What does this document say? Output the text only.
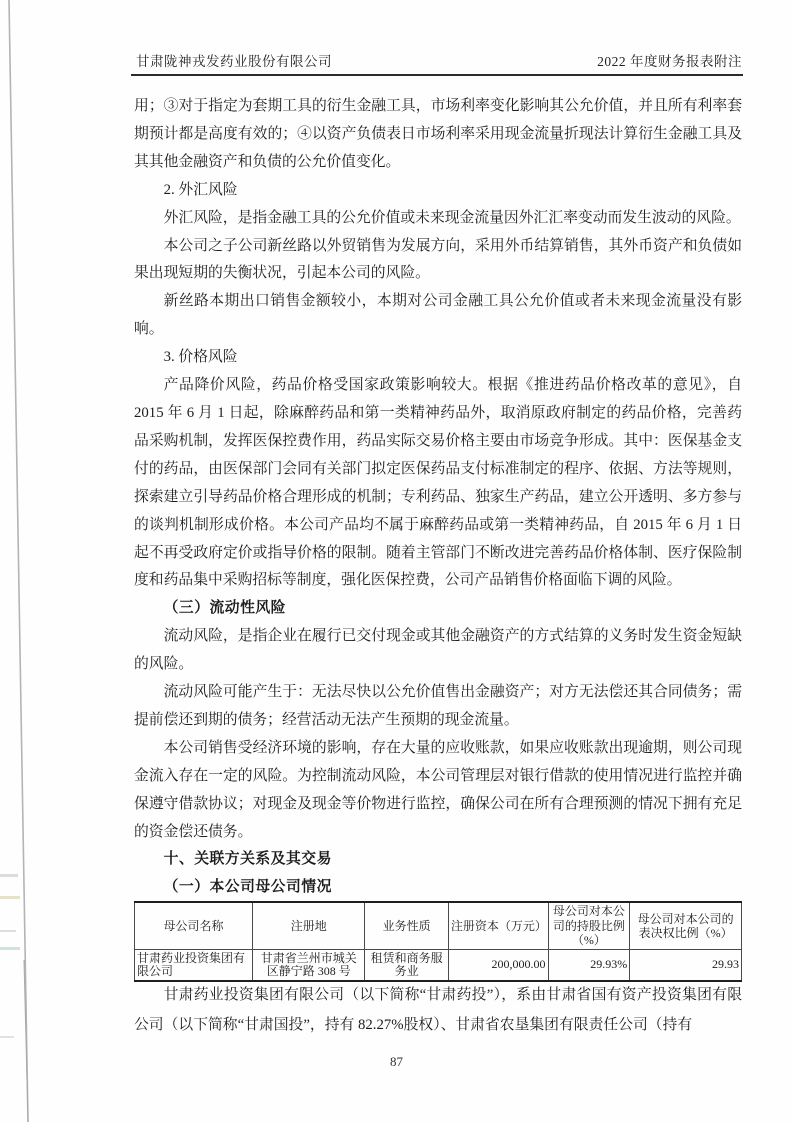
甘肃陇神戎发药业股份有限公司	2022 年度财务报表附注

用；③对于指定为套期工具的衍生金融工具，市场利率变化影响其公允价值，并且所有利率套期预计都是高度有效的；④以资产负债表日市场利率采用现金流量折现法计算衍生金融工具及其其他金融资产和负债的公允价值变化。

2. 外汇风险

外汇风险，是指金融工具的公允价值或未来现金流量因外汇汇率变动而发生波动的风险。

本公司之子公司新丝路以外贸销售为发展方向，采用外币结算销售，其外币资产和负债如果出现短期的失衡状况，引起本公司的风险。

新丝路本期出口销售金额较小，本期对公司金融工具公允价值或者未来现金流量没有影响。

3. 价格风险

产品降价风险，药品价格受国家政策影响较大。根据《推进药品价格改革的意见》，自 2015 年 6 月 1 日起，除麻醉药品和第一类精神药品外，取消原政府制定的药品价格，完善药品采购机制，发挥医保控费作用，药品实际交易价格主要由市场竞争形成。其中：医保基金支付的药品，由医保部门会同有关部门拟定医保药品支付标准制定的程序、依据、方法等规则，探索建立引导药品价格合理形成的机制；专利药品、独家生产药品，建立公开透明、多方参与的谈判机制形成价格。本公司产品均不属于麻醉药品或第一类精神药品，自 2015 年 6 月 1 日起不再受政府定价或指导价格的限制。随着主管部门不断改进完善药品价格体制、医疗保险制度和药品集中采购招标等制度，强化医保控费，公司产品销售价格面临下调的风险。

（三）流动性风险

流动风险，是指企业在履行已交付现金或其他金融资产的方式结算的义务时发生资金短缺的风险。

流动风险可能产生于：无法尽快以公允价值售出金融资产；对方无法偿还其合同债务；需提前偿还到期的债务；经营活动无法产生预期的现金流量。

本公司销售受经济环境的影响，存在大量的应收账款，如果应收账款出现逾期，则公司现金流入存在一定的风险。为控制流动风险，本公司管理层对银行借款的使用情况进行监控并确保遵守借款协议；对现金及现金等价物进行监控，确保公司在所有合理预测的情况下拥有充足的资金偿还债务。

十、关联方关系及其交易

（一）本公司母公司情况

母公司名称	注册地	业务性质	注册资本（万元）	母公司对本公司的持股比例（%）	母公司对本公司的表决权比例（%）
甘肃药业投资集团有限公司	甘肃省兰州市城关区静宁路 308 号	租赁和商务服务业	200,000.00	29.93%	29.93

甘肃药业投资集团有限公司（以下简称“甘肃药投”），系由甘肃省国有资产投资集团有限公司（以下简称“甘肃国投”，持有 82.27%股权）、甘肃省农垦集团有限责任公司（持有

87
